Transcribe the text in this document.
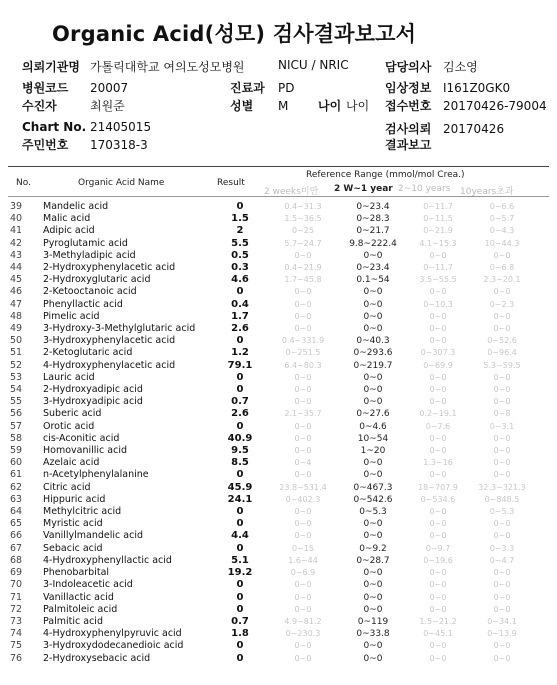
Organic Acid(성모) 검사결과보고서
의뢰기관명 가톨릭대학교 여의도성모병원	NICU / NRIC	담당의사 김소영
병원코드 20007	진료과 PD	임상정보 I161Z0GK0
수진자	최원준	성별 M	나이 나이 접수번호 20170426-79004
Chart No. 21405015	검사의뢰 20170426
주민번호 170318-3	결과보고
No.	Organic Acid Name	Result
Reference Range (mmol/mol Crea.)
2 weeks미만 2 W~1 year 2~10 years 10years초과
39	Mandelic acid	0	0.4~31.3	0~23.4	0~11.7	0~6.6
40	Malic acid	1.5	1.5~36.5	0~28.3	0~11.5	0~5.7
41	Adipic acid	2	0~25	0~21.7	0~21.9	0~4.3
42	Pyroglutamic acid	5.5	5.7~24.7	9.8~222.4	4.1~15.3	10~44.3
43	3-Methyladipic acid	0.5	0~0	0~0	0~0	0~0
44	2-Hydroxyphenylacetic acid	0.3	0.4~21.9	0~23.4	0~11.7	0~6.8
45	2-Hydroxyglutaric acid	4.6	1.7~45.8	0.1~54	3.5~55.5	2.3~20.1
46	2-Ketooctanoic acid	0	0~0	0~0	0~0	0~0
47	Phenyllactic acid	0.4	0~0	0~0	0~10.3	0~2.3
48	Pimelic acid	1.7	0~0	0~0	0~0	0~0
49	3-Hydroxy-3-Methylglutaric acid	2.6	0~0	0~0	0~0	0~0
50	3-Hydroxyphenylacetic acid	0	0.4~331.9	0~40.3	0~0	0~52.6
51	2-Ketoglutaric acid	1.2	0~251.5	0~293.6	0~307.3	0~96.4
52	4-Hydroxyphenylacetic acid	79.1	6.4~80.3	0~219.7	0~69.9	5.3~59.5
53	Lauric acid	0	0~0	0~0	0~0	0~0
54	2-Hydroxyadipic acid	0	0~0	0~0	0~0	0~0
55	3-Hydroxyadipic acid	0.7	0~0	0~0	0~0	0~0
56	Suberic acid	2.6	2.1~35.7	0~27.6	0.2~19.1	0~8
57	Orotic acid	0	0~0	0~4.6	0~7.6	0~3.1
58	cis-Aconitic acid	40.9	0~0	10~54	0~0	0~0
59	Homovanillic acid	9.5	0~0	1~20	0~0	0~0
60	Azelaic acid	8.5	0~4	0~0	1.3~16	0~0
61	n-Acetylphenylalanine	0	0~0	0~0	0~0	0~0
62	Citric acid	45.9	23.8~531.4	0~467.3	18~707.9	32.3~321.3
63	Hippuric acid	24.1	0~402.3	0~542.6	0~534.6	0~848.5
64	Methylcitric acid	0	0~0	0~5.3	0~0	0~5.3
65	Myristic acid	0	0~0	0~0	0~0	0~0
66	Vanillylmandelic acid	4.4	0~0	0~0	0~0	0~0
67	Sebacic acid	0	0~15	0~9.2	0~9.7	0~3.3
68	4-Hydroxyphenyllactic acid	5.1	1.6~44	0~28.7	0~19.6	0~4.7
69	Phenobarbital	19.2	0~6.9	0~0	0~0	0~0
70	3-Indoleacetic acid	0	0~0	0~0	0~0	0~0
71	Vanillactic acid	0	0~0	0~0	0~0	0~0
72	Palmitoleic acid	0	0~0	0~0	0~0	0~0
73	Palmitic acid	0.7	4.9~81.2	0~119	1.5~21.2	0~34.1
74	4-Hydroxyphenylpyruvic acid	1.8	0~230.3	0~33.8	0~45.1	0~13.9
75	3-Hydroxydodecanedioic acid	0	0~0	0~0	0~0	0~0
76	2-Hydroxysebacic acid	0	0~0	0~0	0~0	0~0
